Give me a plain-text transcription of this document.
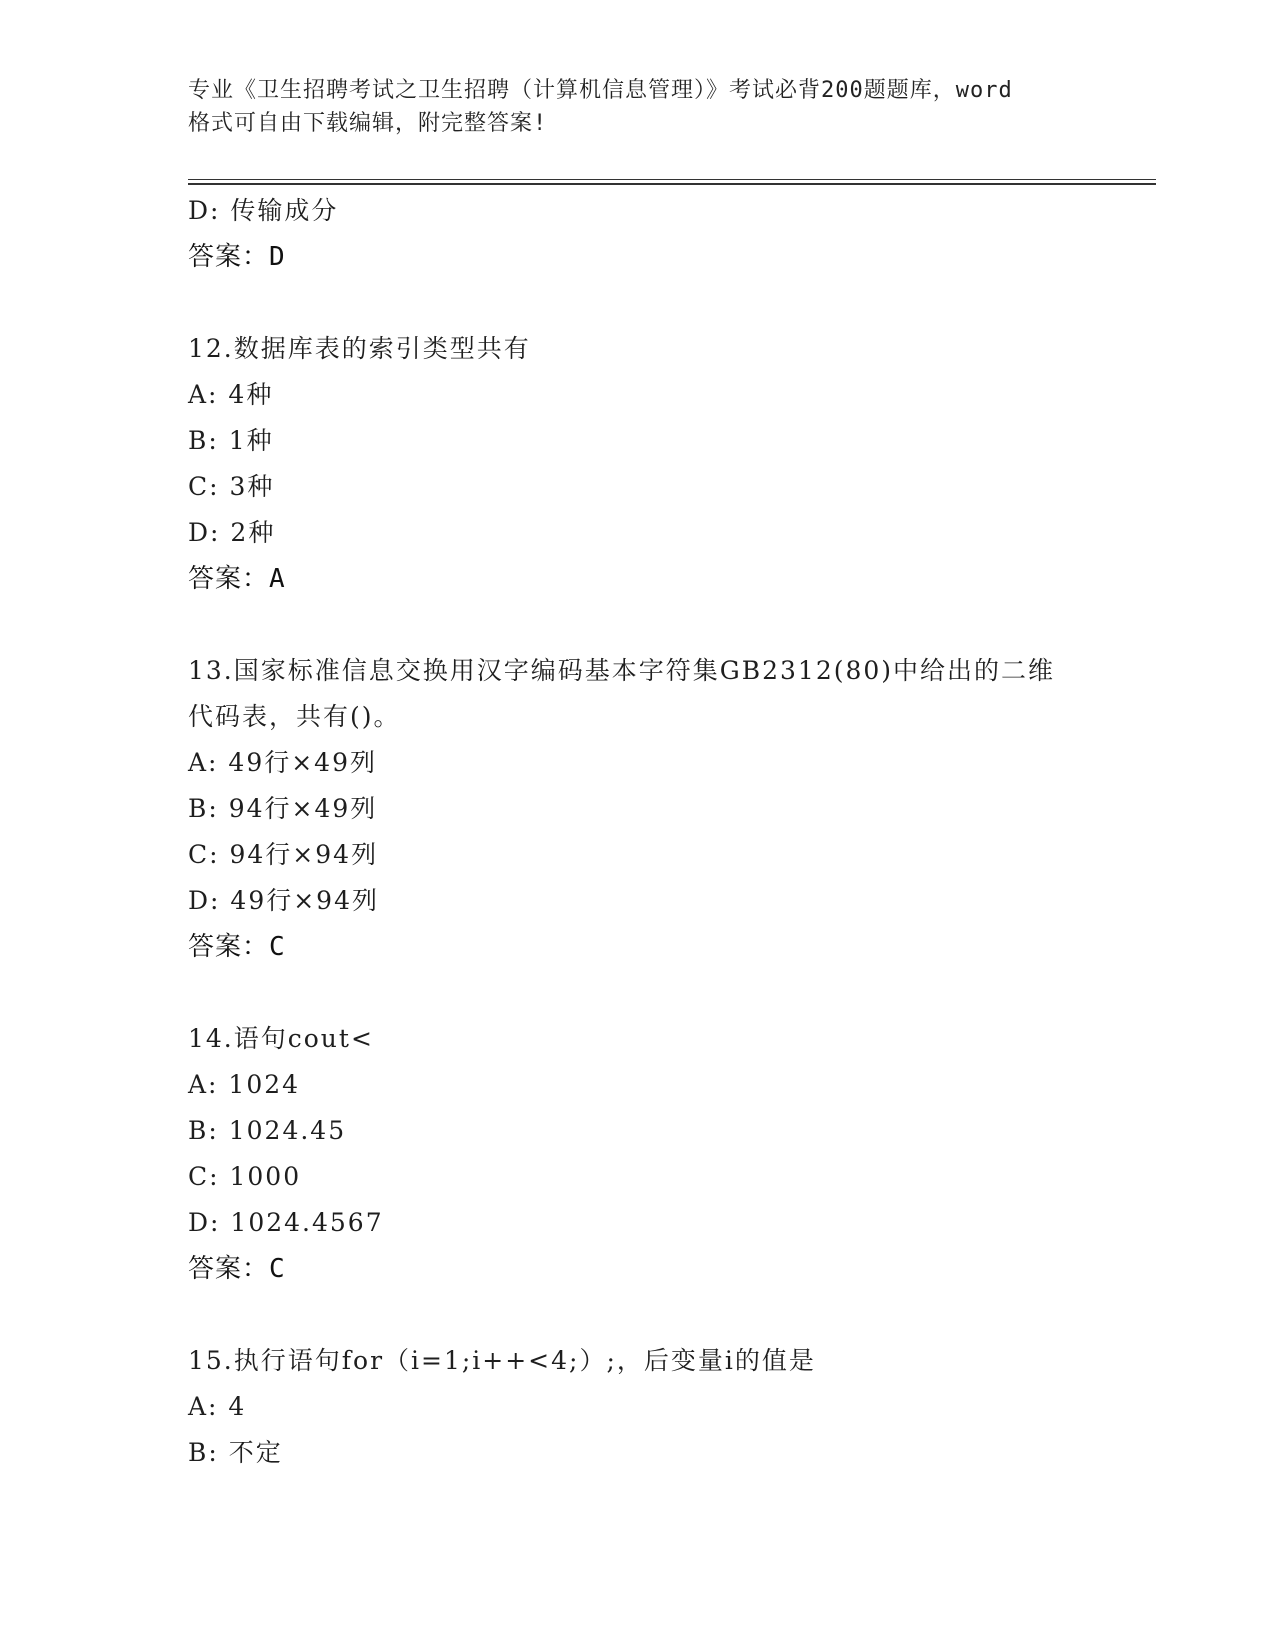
专业《卫生招聘考试之卫生招聘（计算机信息管理）》考试必背200题题库，word
格式可自由下载编辑，附完整答案!
D: 传输成分
答案：D
12.数据库表的索引类型共有
A: 4种
B: 1种
C: 3种
D: 2种
答案：A
13.国家标准信息交换用汉字编码基本字符集GB2312(80)中给出的二维
代码表，共有()。
A: 49行×49列
B: 94行×49列
C: 94行×94列
D: 49行×94列
答案：C
14.语句cout<
A: 1024
B: 1024.45
C: 1000
D: 1024.4567
答案：C
15.执行语句for（i=1;i++<4;）;，后变量i的值是
A: 4
B: 不定
